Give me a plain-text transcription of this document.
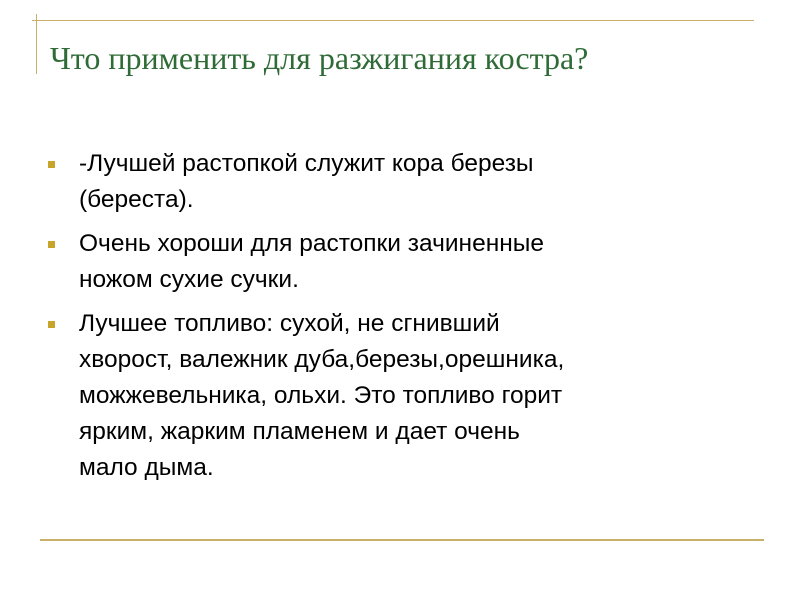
Что применить для разжигания костра?
-Лучшей растопкой служит кора березы
(береста).
Очень хороши для растопки зачиненные
ножом сухие сучки.
Лучшее топливо: сухой, не сгнивший
хворост, валежник дуба,березы,орешника,
можжевельника, ольхи. Это топливо горит
ярким, жарким пламенем и дает очень
мало дыма.
